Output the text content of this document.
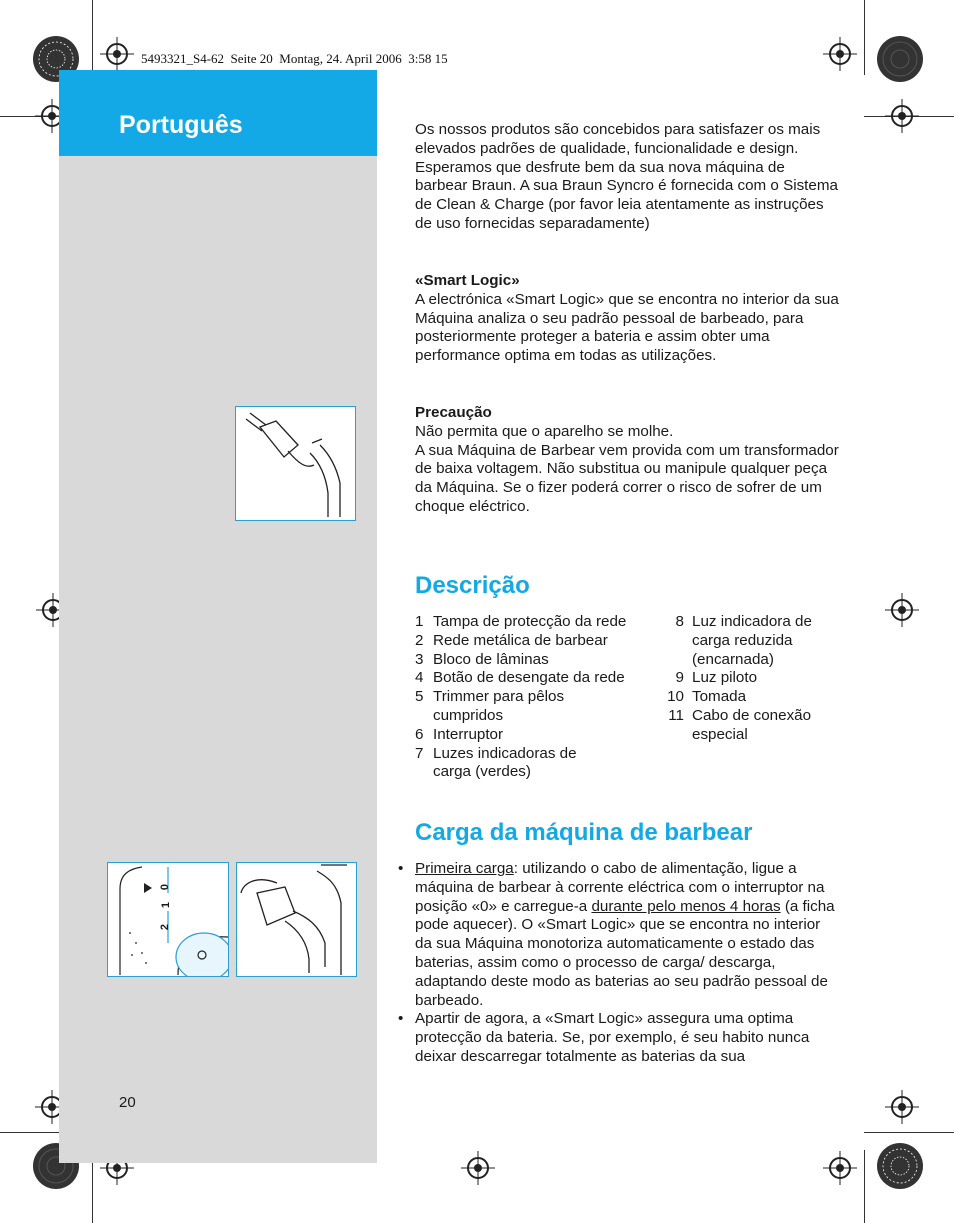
5493321_S4-62  Seite 20  Montag, 24. April 2006  3:58 15
Português
20
0
1
2

Os nossos produtos são concebidos para satisfazer os mais elevados padrões de qualidade, funcionalidade e design. Esperamos que desfrute bem da sua nova máquina de barbear Braun. A sua Braun Syncro é fornecida com o Sistema de Clean & Charge (por favor leia atentamente as instruções de uso fornecidas separadamente)

«Smart Logic»

A electrónica «Smart Logic» que se encontra no interior da sua Máquina analiza o seu padrão pessoal de barbeado, para posteriormente proteger a bateria e assim obter uma performance optima em todas as utilizações.

Precaução

Não permita que o aparelho se molhe.

A sua Máquina de Barbear vem provida com um transformador de baixa voltagem. Não substitua ou manipule qualquer peça da Máquina. Se o fizer poderá correr o risco de sofrer de um choque eléctrico.

Descrição
1 Tampa de protecção da rede
2 Rede metálica de barbear
3 Bloco de lâminas
4 Botão de desengate da rede
5 Trimmer para pêlos cumpridos
6 Interruptor
7 Luzes indicadoras de carga (verdes)
8 Luz indicadora de carga reduzida (encarnada)
9 Luz piloto
10 Tomada
11 Cabo de conexão especial
Carga da máquina de barbear
• Primeira carga: utilizando o cabo de alimentação, ligue a máquina de barbear à corrente eléctrica com o interruptor na posição «0» e carregue-a durante pelo menos 4 horas (a ficha pode aquecer). O «Smart Logic» que se encontra no interior da sua Máquina monotoriza automaticamente o estado das baterias, assim como o processo de carga/ descarga, adaptando deste modo as baterias ao seu padrão pessoal de barbeado.
• Apartir de agora, a «Smart Logic» assegura uma optima protecção da bateria. Se, por exemplo, é seu habito nunca deixar descarregar totalmente as baterias da sua
